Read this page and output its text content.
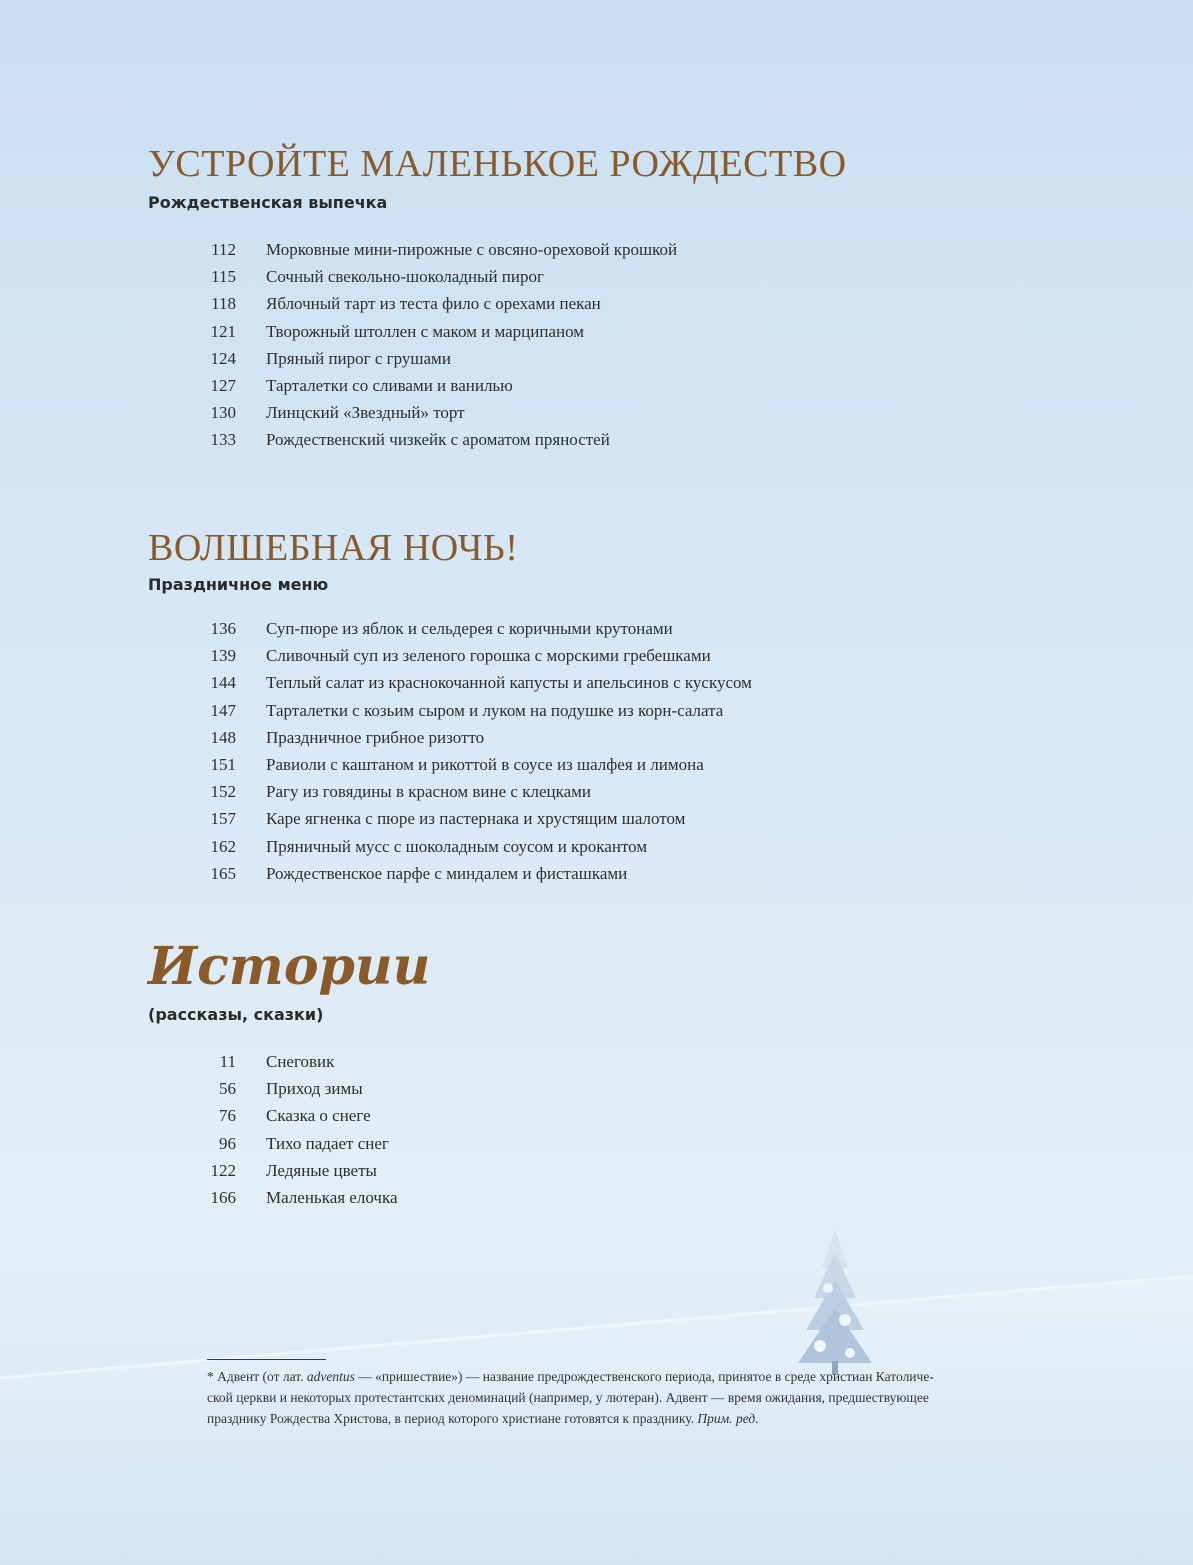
УСТРОЙТЕ МАЛЕНЬКОЕ РОЖДЕСТВО
Рождественская выпечка
112 Морковные мини-пирожные с овсяно-ореховой крошкой
115 Сочный свекольно-шоколадный пирог
118 Яблочный тарт из теста фило с орехами пекан
121 Творожный штоллен с маком и марципаном
124 Пряный пирог с грушами
127 Тарталетки со сливами и ванилью
130 Линцский «Звездный» торт
133 Рождественский чизкейк с ароматом пряностей
ВОЛШЕБНАЯ НОЧЬ!
Праздничное меню
136 Суп-пюре из яблок и сельдерея с коричными крутонами
139 Сливочный суп из зеленого горошка с морскими гребешками
144 Теплый салат из краснокочанной капусты и апельсинов с кускусом
147 Тарталетки с козьим сыром и луком на подушке из корн-салата
148 Праздничное грибное ризотто
151 Равиоли с каштаном и рикоттой в соусе из шалфея и лимона
152 Рагу из говядины в красном вине с клецками
157 Каре ягненка с пюре из пастернака и хрустящим шалотом
162 Пряничный мусс с шоколадным соусом и крокантом
165 Рождественское парфе с миндалем и фисташками
Истории
(рассказы, сказки)
11 Снеговик
56 Приход зимы
76 Сказка о снеге
96 Тихо падает снег
122 Ледяные цветы
166 Маленькая елочка
* Адвент (от лат. adventus — «пришествие») — название предрождественского периода, принятое в среде христиан Католиче-
ской церкви и некоторых протестантских деноминаций (например, у лютеран). Адвент — время ожидания, предшествующее
празднику Рождества Христова, в период которого христиане готовятся к празднику. Прим. ред.
